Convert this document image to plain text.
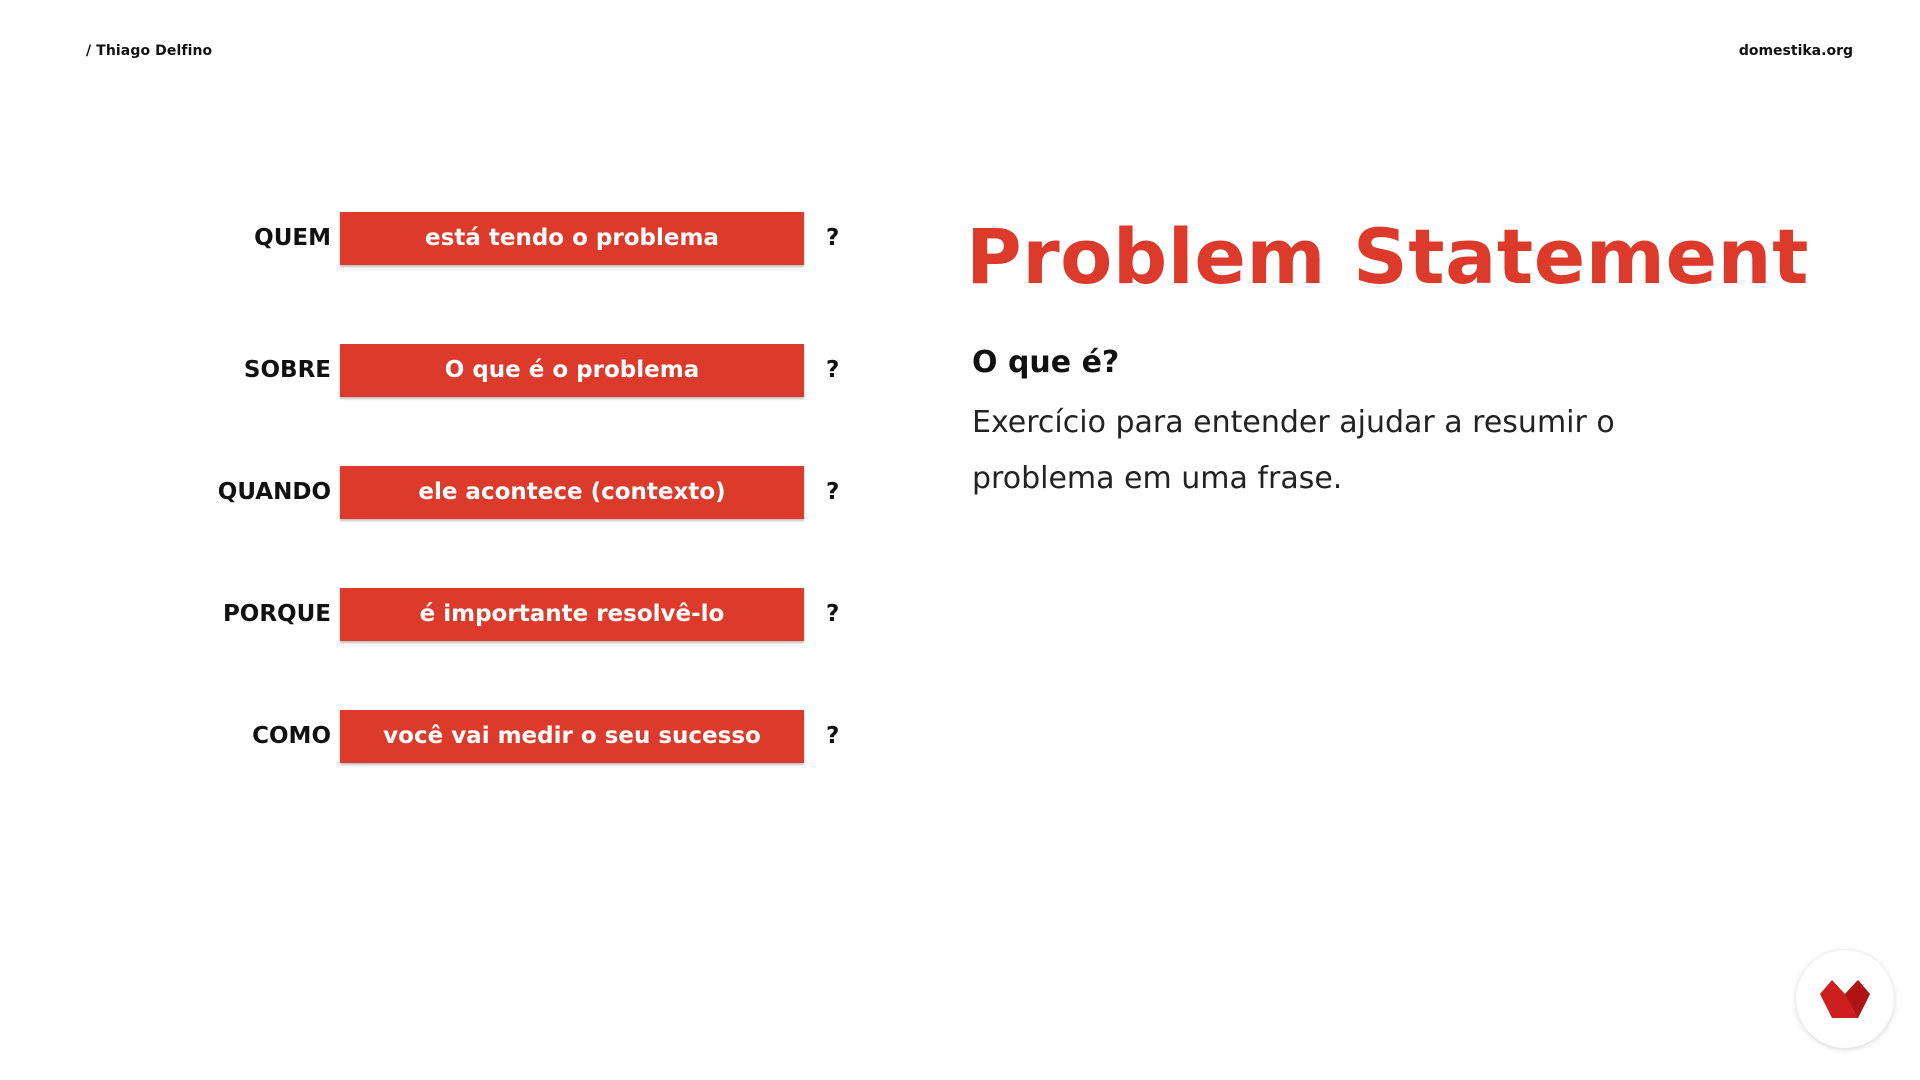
/ Thiago Delfino	domestika.org
QUEM	está tendo o problema	?
SOBRE	O que é o problema	?
QUANDO	ele acontece (contexto)	?
PORQUE	é importante resolvê-lo	?
COMO	você vai medir o seu sucesso	?
Problem Statement
O que é?
Exercício para entender ajudar a resumir o problema em uma frase.
